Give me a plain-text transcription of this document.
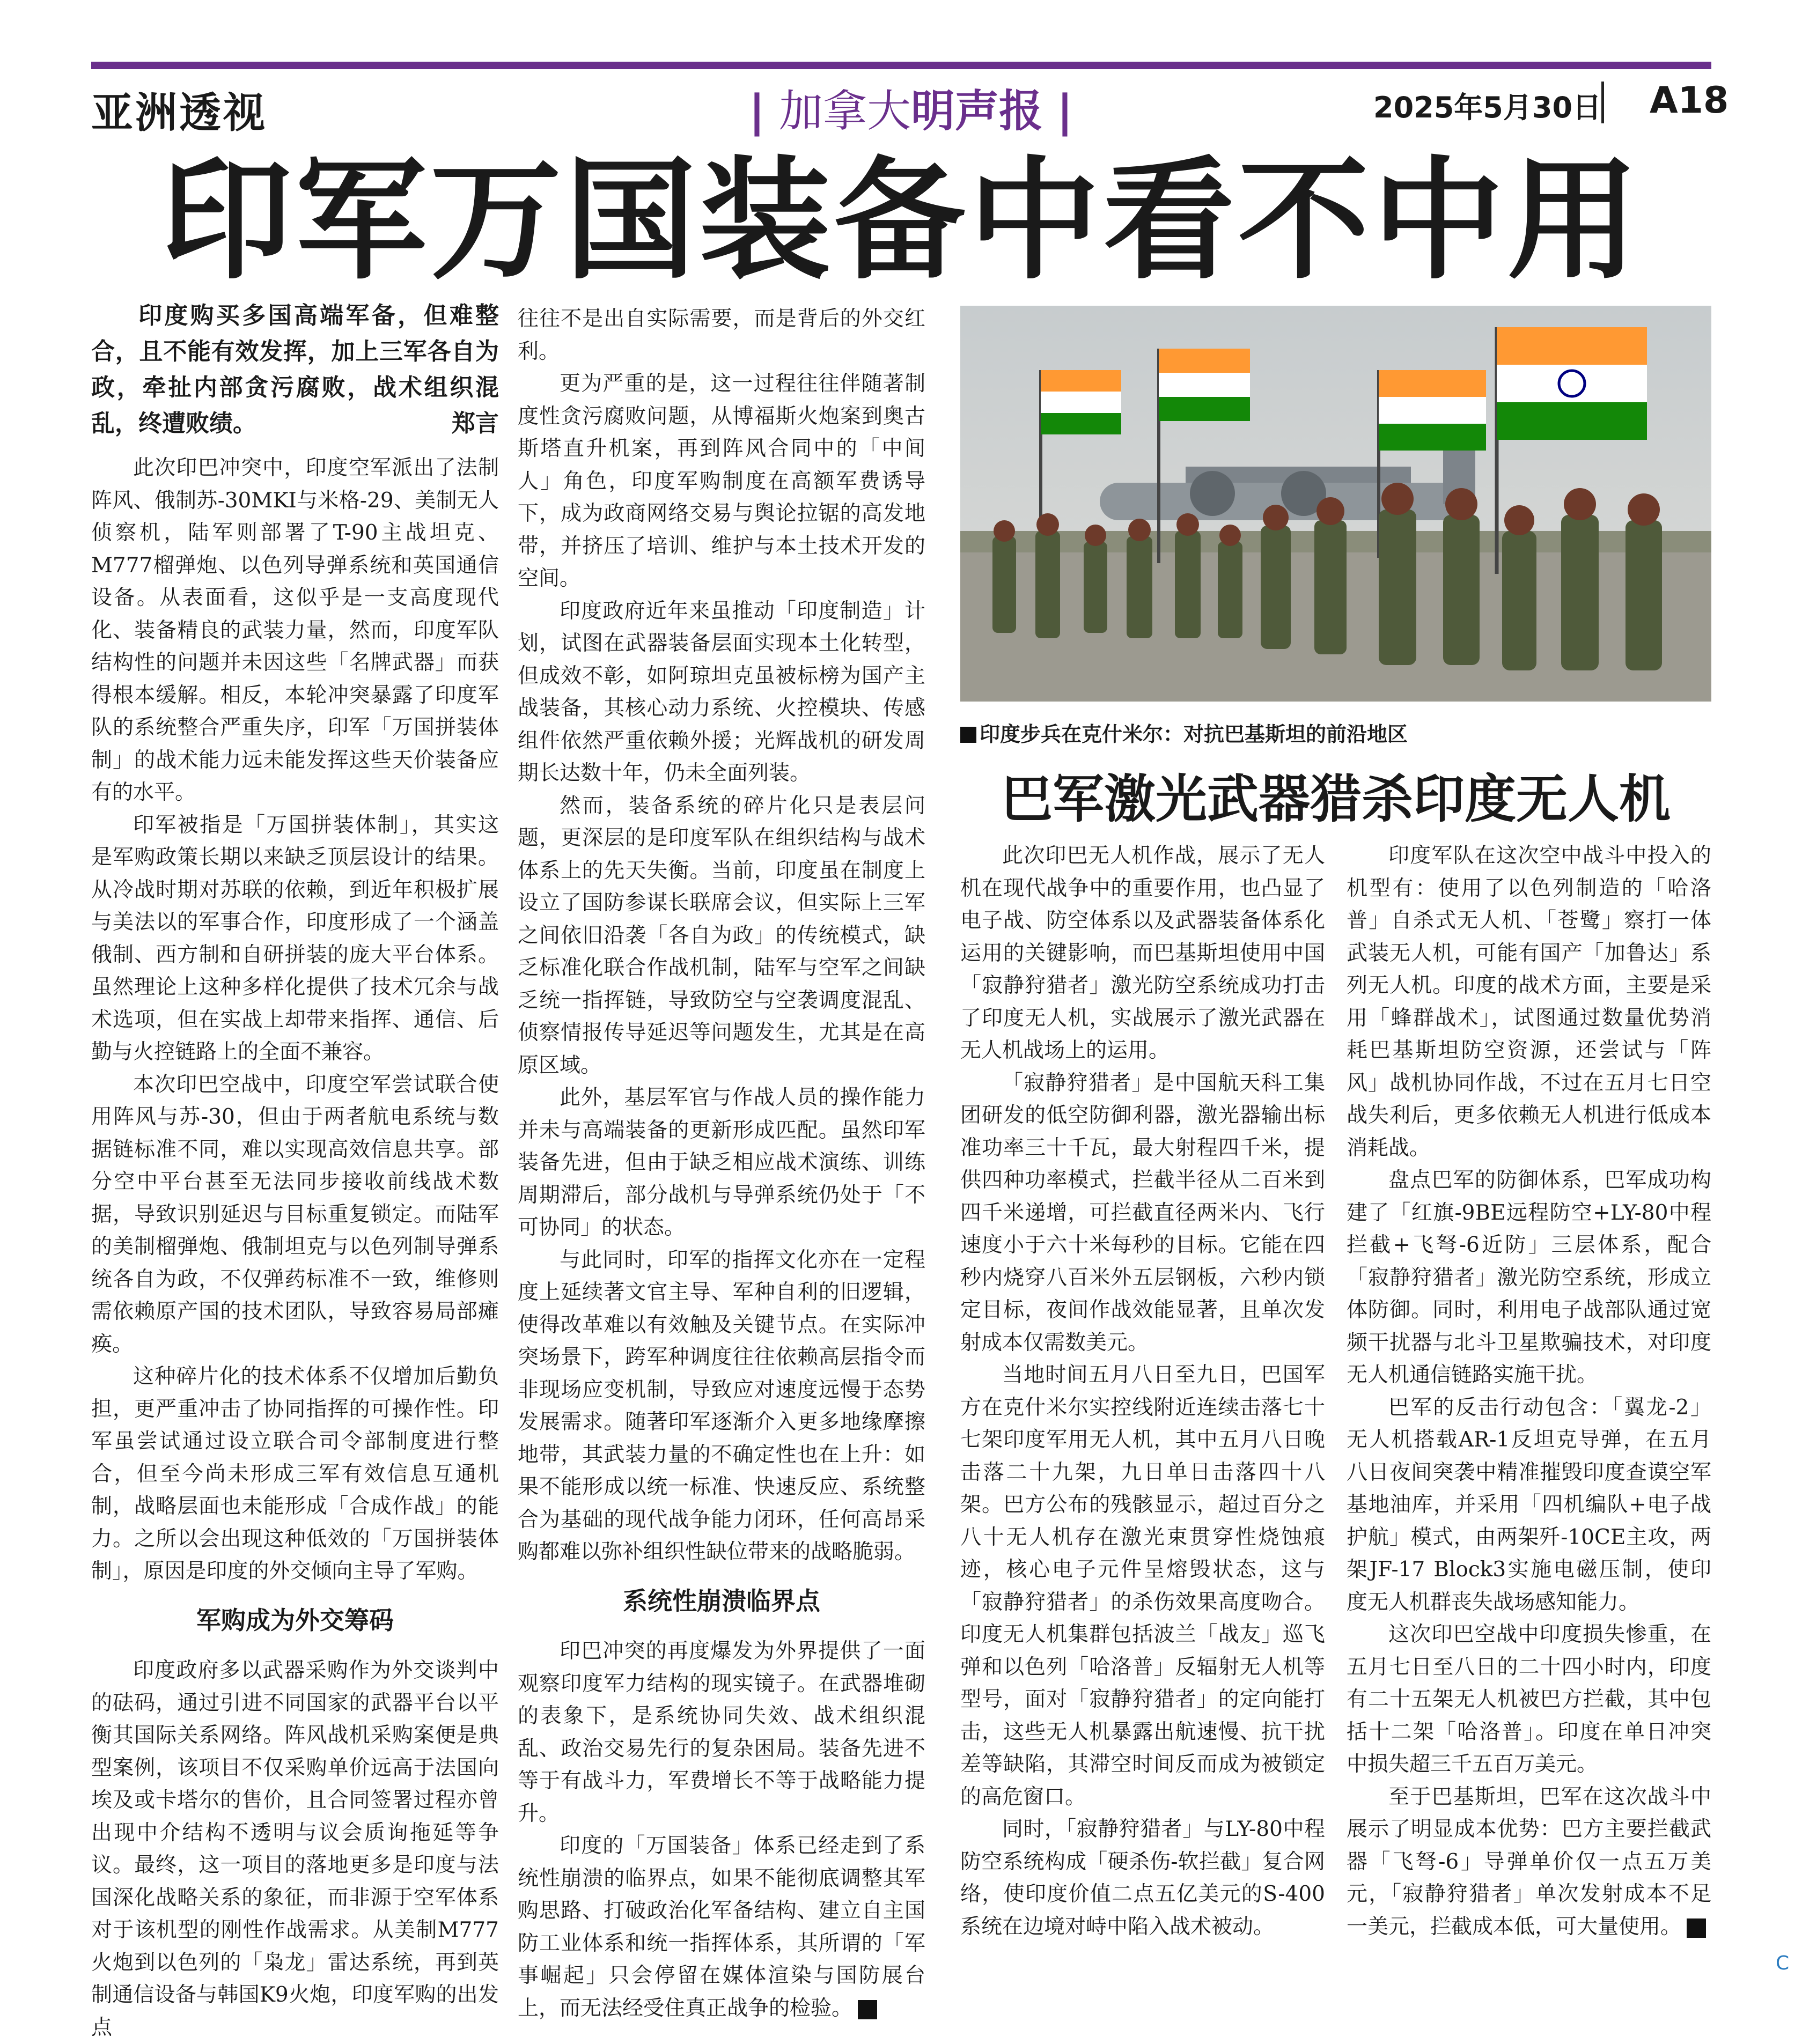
亚洲透视	| 加拿大明声报 |	2025年5月30日 A18
印军万国装备中看不中用

印度购买多国高端军备，但难整合，且不能有效发挥，加上三军各自为政，牵扯内部贪污腐败，战术组织混乱，终遭败绩。	郑言

此次印巴冲突中，印度空军派出了法制阵风、俄制苏-30MKI与米格-29、美制无人侦察机，陆军则部署了T-90主战坦克、M777榴弹炮、以色列导弹系统和英国通信设备。从表面看，这似乎是一支高度现代化、装备精良的武装力量，然而，印度军队结构性的问题并未因这些「名牌武器」而获得根本缓解。相反，本轮冲突暴露了印度军队的系统整合严重失序，印军「万国拼装体制」的战术能力远未能发挥这些天价装备应有的水平。

印军被指是「万国拼装体制」，其实这是军购政策长期以来缺乏顶层设计的结果。从冷战时期对苏联的依赖，到近年积极扩展与美法以的军事合作，印度形成了一个涵盖俄制、西方制和自研拼装的庞大平台体系。虽然理论上这种多样化提供了技术冗余与战术选项，但在实战上却带来指挥、通信、后勤与火控链路上的全面不兼容。

本次印巴空战中，印度空军尝试联合使用阵风与苏-30，但由于两者航电系统与数据链标准不同，难以实现高效信息共享。部分空中平台甚至无法同步接收前线战术数据，导致识别延迟与目标重复锁定。而陆军的美制榴弹炮、俄制坦克与以色列制导弹系统各自为政，不仅弹药标准不一致，维修则需依赖原产国的技术团队，导致容易局部瘫痪。

这种碎片化的技术体系不仅增加后勤负担，更严重冲击了协同指挥的可操作性。印军虽尝试通过设立联合司令部制度进行整合，但至今尚未形成三军有效信息互通机制，战略层面也未能形成「合成作战」的能力。之所以会出现这种低效的「万国拼装体制」，原因是印度的外交倾向主导了军购。

军购成为外交筹码

印度政府多以武器采购作为外交谈判中的砝码，通过引进不同国家的武器平台以平衡其国际关系网络。阵风战机采购案便是典型案例，该项目不仅采购单价远高于法国向埃及或卡塔尔的售价，且合同签署过程亦曾出现中介结构不透明与议会质询拖延等争议。最终，这一项目的落地更多是印度与法国深化战略关系的象征，而非源于空军体系对于该机型的刚性作战需求。从美制M777火炮到以色列的「枭龙」雷达系统，再到英制通信设备与韩国K9火炮，印度军购的出发点

往往不是出自实际需要，而是背后的外交红利。

更为严重的是，这一过程往往伴随著制度性贪污腐败问题，从博福斯火炮案到奥古斯塔直升机案，再到阵风合同中的「中间人」角色，印度军购制度在高额军费诱导下，成为政商网络交易与舆论拉锯的高发地带，并挤压了培训、维护与本土技术开发的空间。

印度政府近年来虽推动「印度制造」计划，试图在武器装备层面实现本土化转型，但成效不彰，如阿琼坦克虽被标榜为国产主战装备，其核心动力系统、火控模块、传感组件依然严重依赖外援；光辉战机的研发周期长达数十年，仍未全面列装。

然而，装备系统的碎片化只是表层问题，更深层的是印度军队在组织结构与战术体系上的先天失衡。当前，印度虽在制度上设立了国防参谋长联席会议，但实际上三军之间依旧沿袭「各自为政」的传统模式，缺乏标准化联合作战机制，陆军与空军之间缺乏统一指挥链，导致防空与空袭调度混乱、侦察情报传导延迟等问题发生，尤其是在高原区域。

此外，基层军官与作战人员的操作能力并未与高端装备的更新形成匹配。虽然印军装备先进，但由于缺乏相应战术演练、训练周期滞后，部分战机与导弹系统仍处于「不可协同」的状态。

与此同时，印军的指挥文化亦在一定程度上延续著文官主导、军种自利的旧逻辑，使得改革难以有效触及关键节点。在实际冲突场景下，跨军种调度往往依赖高层指令而非现场应变机制，导致应对速度远慢于态势发展需求。随著印军逐渐介入更多地缘摩擦地带，其武装力量的不确定性也在上升：如果不能形成以统一标准、快速反应、系统整合为基础的现代战争能力闭环，任何高昂采购都难以弥补组织性缺位带来的战略脆弱。

系统性崩溃临界点

印巴冲突的再度爆发为外界提供了一面观察印度军力结构的现实镜子。在武器堆砌的表象下，是系统协同失效、战术组织混乱、政治交易先行的复杂困局。装备先进不等于有战斗力，军费增长不等于战略能力提升。

印度的「万国装备」体系已经走到了系统性崩溃的临界点，如果不能彻底调整其军购思路、打破政治化军备结构、建立自主国防工业体系和统一指挥体系，其所谓的「军事崛起」只会停留在媒体渲染与国防展台上，而无法经受住真正战争的检验。

印度步兵在克什米尔：对抗巴基斯坦的前沿地区
巴军激光武器猎杀印度无人机

此次印巴无人机作战，展示了无人机在现代战争中的重要作用，也凸显了电子战、防空体系以及武器装备体系化运用的关键影响，而巴基斯坦使用中国「寂静狩猎者」激光防空系统成功打击了印度无人机，实战展示了激光武器在无人机战场上的运用。

「寂静狩猎者」是中国航天科工集团研发的低空防御利器，激光器输出标准功率三十千瓦，最大射程四千米，提供四种功率模式，拦截半径从二百米到四千米递增，可拦截直径两米内、飞行速度小于六十米每秒的目标。它能在四秒内烧穿八百米外五层钢板，六秒内锁定目标，夜间作战效能显著，且单次发射成本仅需数美元。

当地时间五月八日至九日，巴国军方在克什米尔实控线附近连续击落七十七架印度军用无人机，其中五月八日晚击落二十九架，九日单日击落四十八架。巴方公布的残骸显示，超过百分之八十无人机存在激光束贯穿性烧蚀痕迹，核心电子元件呈熔毁状态，这与「寂静狩猎者」的杀伤效果高度吻合。印度无人机集群包括波兰「战友」巡飞弹和以色列「哈洛普」反辐射无人机等型号，面对「寂静狩猎者」的定向能打击，这些无人机暴露出航速慢、抗干扰差等缺陷，其滞空时间反而成为被锁定的高危窗口。

同时，「寂静狩猎者」与LY-80中程防空系统构成「硬杀伤-软拦截」复合网络，使印度价值二点五亿美元的S-400系统在边境对峙中陷入战术被动。

印度军队在这次空中战斗中投入的机型有：使用了以色列制造的「哈洛普」自杀式无人机、「苍鹭」察打一体武装无人机，可能有国产「加鲁达」系列无人机。印度的战术方面，主要是采用「蜂群战术」，试图通过数量优势消耗巴基斯坦防空资源，还尝试与「阵风」战机协同作战，不过在五月七日空战失利后，更多依赖无人机进行低成本消耗战。

盘点巴军的防御体系，巴军成功构建了「红旗-9BE远程防空+LY-80中程拦截+飞弩-6近防」三层体系，配合「寂静狩猎者」激光防空系统，形成立体防御。同时，利用电子战部队通过宽频干扰器与北斗卫星欺骗技术，对印度无人机通信链路实施干扰。

巴军的反击行动包含：「翼龙-2」无人机搭载AR-1反坦克导弹，在五月八日夜间突袭中精准摧毁印度查谟空军基地油库，并采用「四机编队+电子战护航」模式，由两架歼-10CE主攻，两架JF-17 Block3实施电磁压制，使印度无人机群丧失战场感知能力。

这次印巴空战中印度损失惨重，在五月七日至八日的二十四小时内，印度有二十五架无人机被巴方拦截，其中包括十二架「哈洛普」。印度在单日冲突中损失超三千五百万美元。

至于巴基斯坦，巴军在这次战斗中展示了明显成本优势：巴方主要拦截武器「飞弩-6」导弹单价仅一点五万美元，「寂静狩猎者」单次发射成本不足一美元，拦截成本低，可大量使用。

C
